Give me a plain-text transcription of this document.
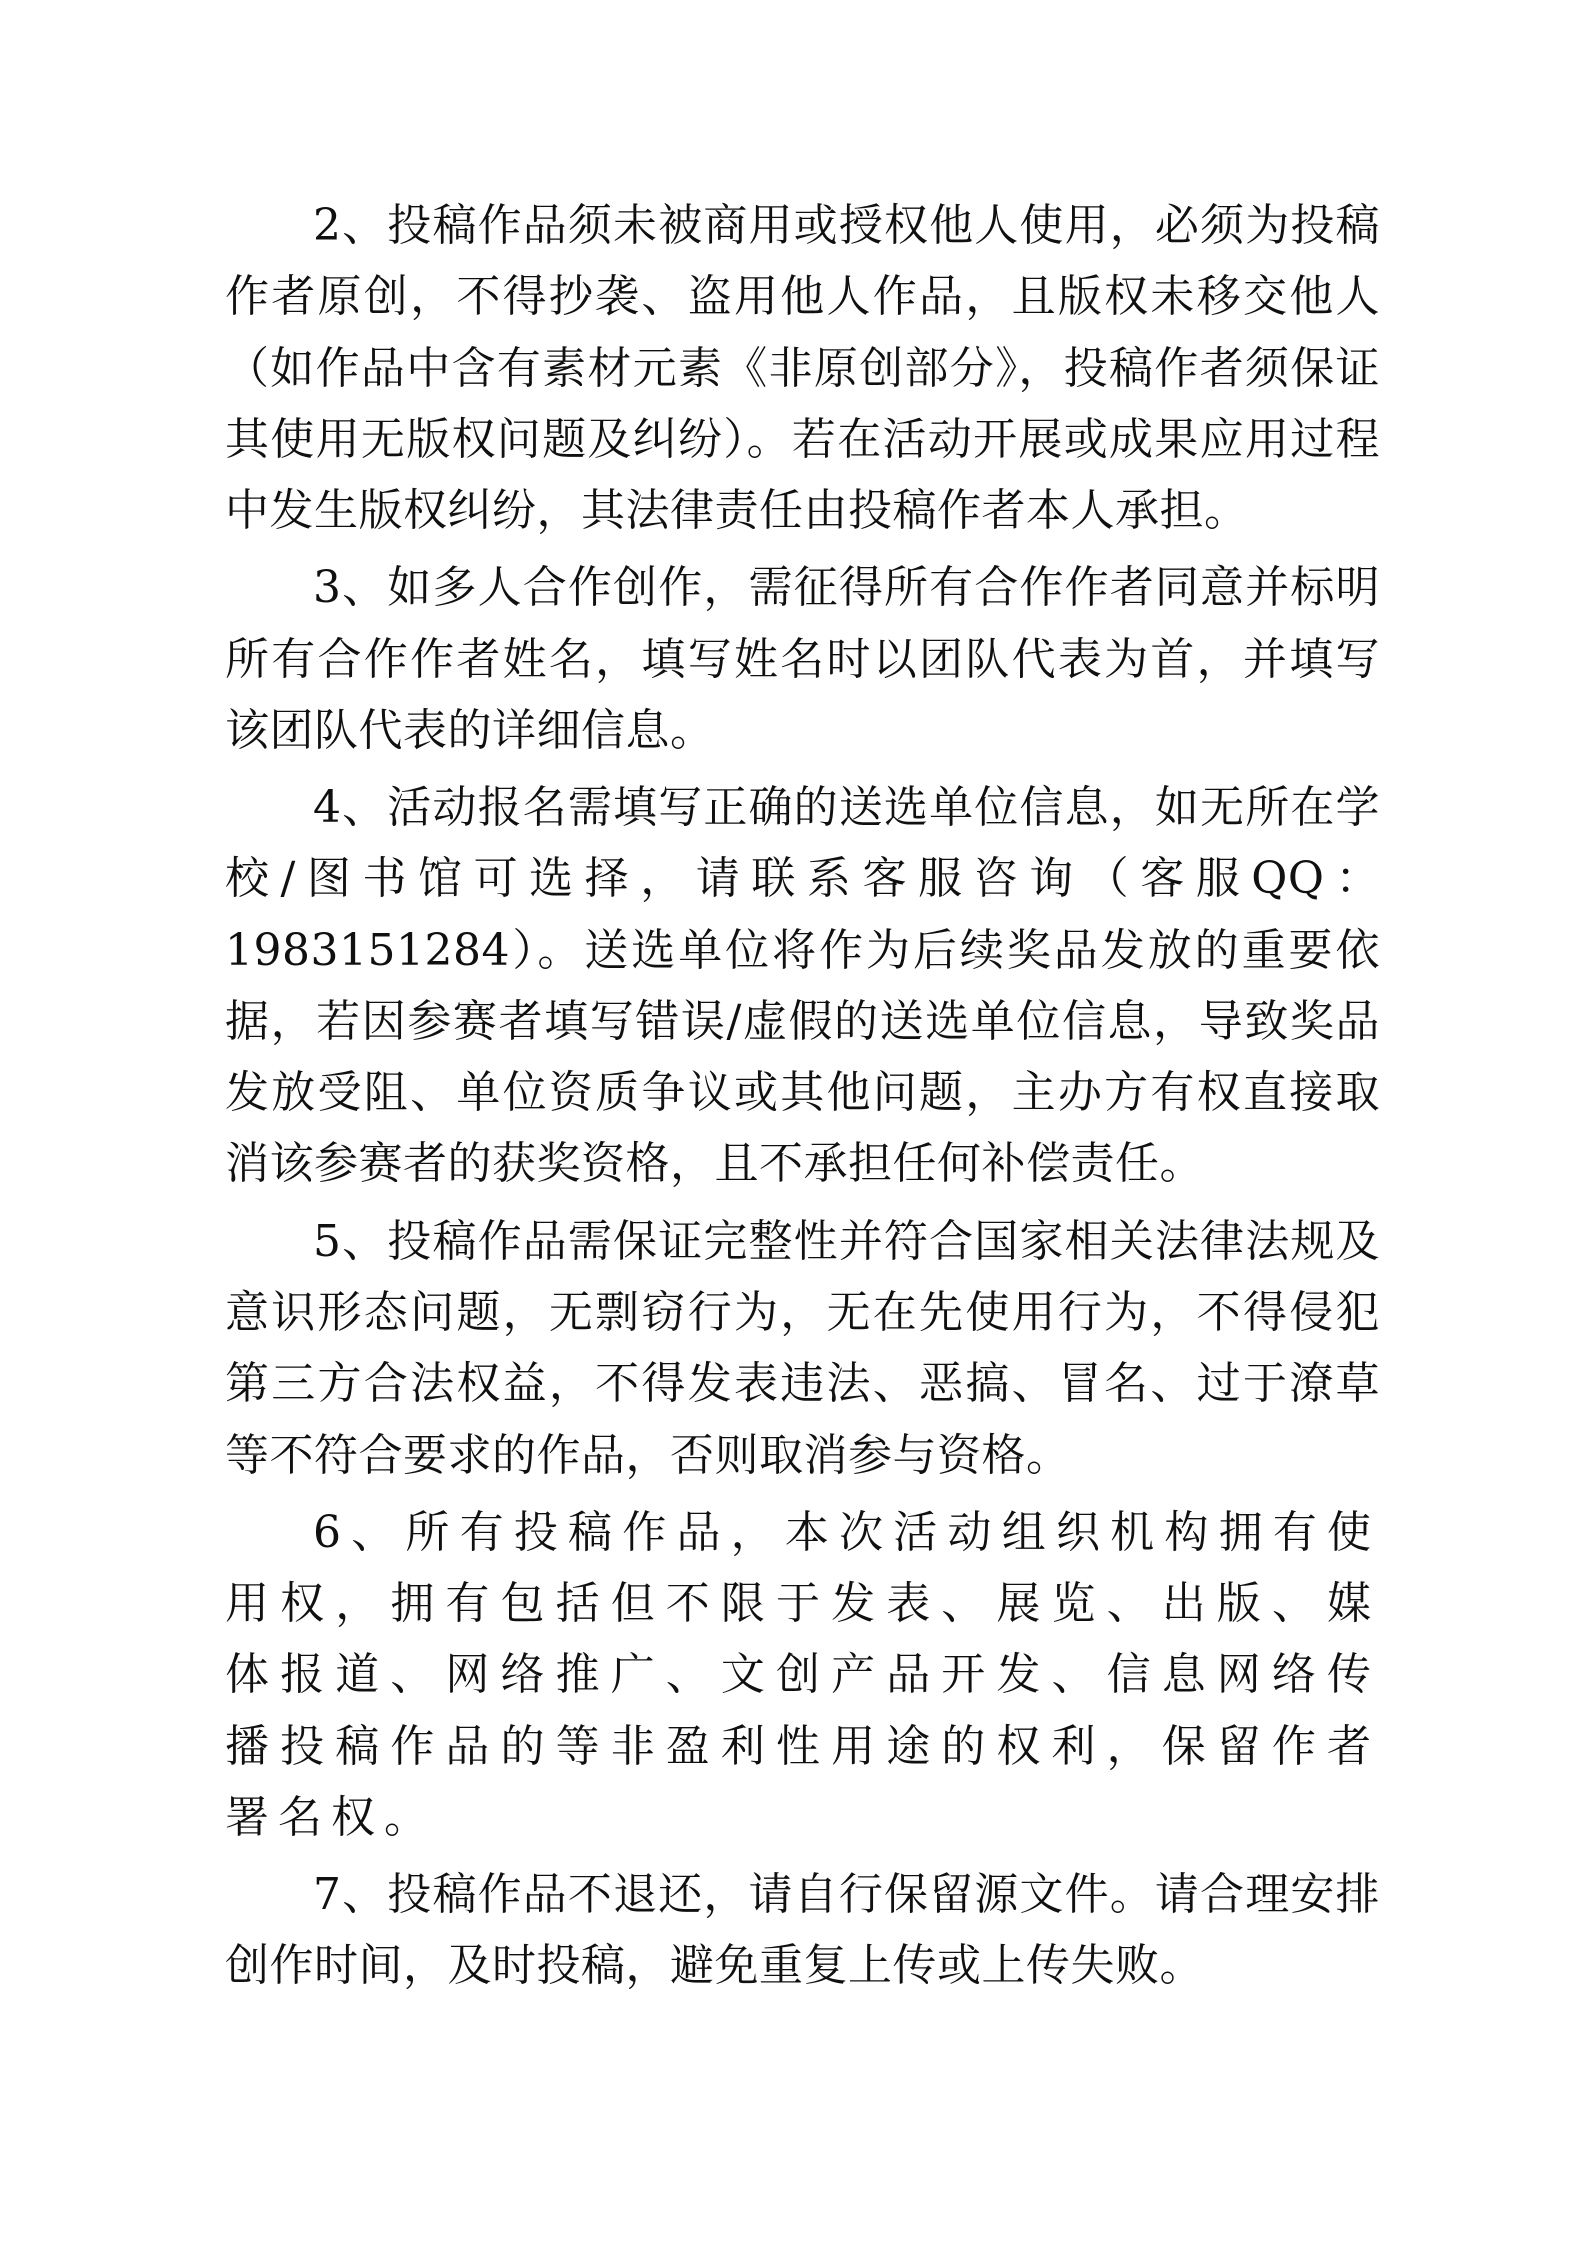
2、投稿作品须未被商用或授权他人使用，必须为投稿作者原创，不得抄袭、盗用他人作品，且版权未移交他人（如作品中含有素材元素《非原创部分》，投稿作者须保证其使用无版权问题及纠纷）。若在活动开展或成果应用过程中发生版权纠纷，其法律责任由投稿作者本人承担。

3、如多人合作创作，需征得所有合作作者同意并标明所有合作作者姓名，填写姓名时以团队代表为首，并填写该团队代表的详细信息。

4、活动报名需填写正确的送选单位信息，如无所在学校/图书馆可选择，请联系客服咨询（客服QQ：1983151284）。送选单位将作为后续奖品发放的重要依据，若因参赛者填写错误/虚假的送选单位信息，导致奖品发放受阻、单位资质争议或其他问题，主办方有权直接取消该参赛者的获奖资格，且不承担任何补偿责任。

5、投稿作品需保证完整性并符合国家相关法律法规及意识形态问题，无剽窃行为，无在先使用行为，不得侵犯第三方合法权益，不得发表违法、恶搞、冒名、过于潦草等不符合要求的作品，否则取消参与资格。

6、所有投稿作品，本次活动组织机构拥有使用权，拥有包括但不限于发表、展览、出版、媒体报道、网络推广、文创产品开发、信息网络传播投稿作品的等非盈利性用途的权利，保留作者署名权。

7、投稿作品不退还，请自行保留源文件。请合理安排创作时间，及时投稿，避免重复上传或上传失败。
